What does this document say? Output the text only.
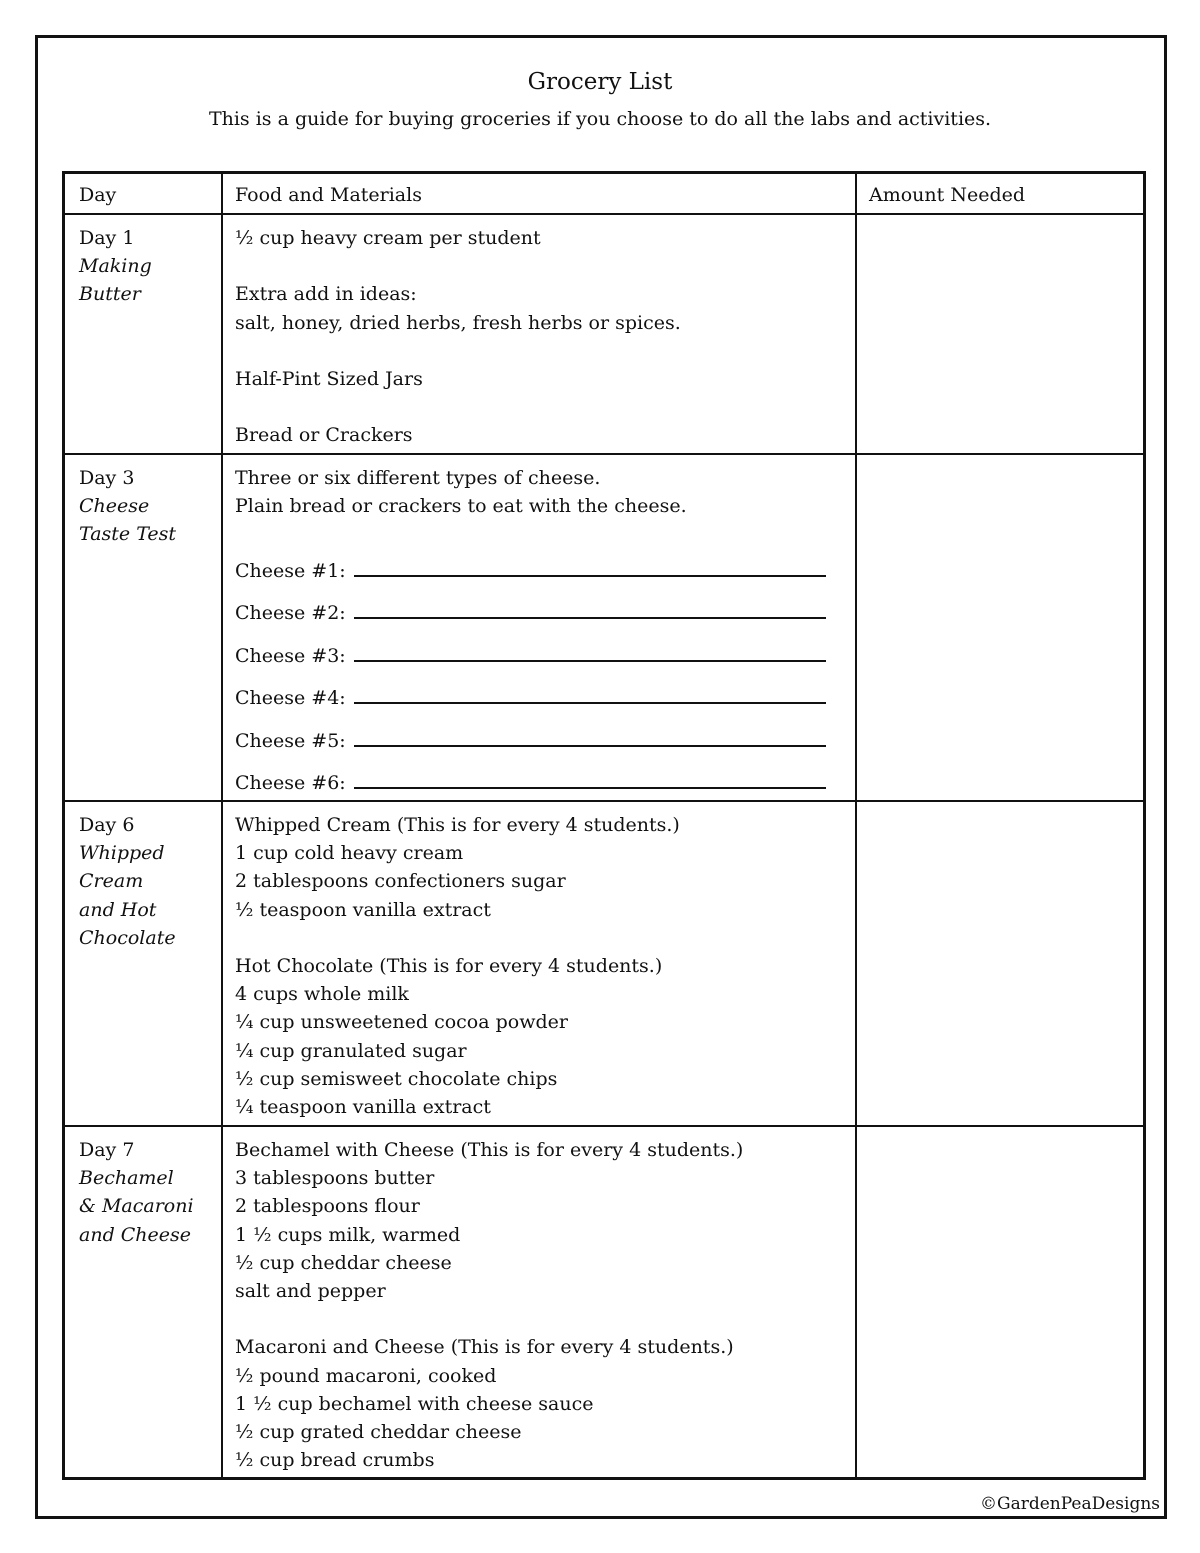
Grocery List
This is a guide for buying groceries if you choose to do all the labs and activities.
Day	Food and Materials	Amount Needed
Day 1
Making
Butter
½ cup heavy cream per student
Extra add in ideas:
salt, honey, dried herbs, fresh herbs or spices.
Half-Pint Sized Jars
Bread or Crackers
Day 3
Cheese
Taste Test
Three or six different types of cheese.
Plain bread or crackers to eat with the cheese.
Cheese #1:
Cheese #2:
Cheese #3:
Cheese #4:
Cheese #5:
Cheese #6:
Day 6
Whipped
Cream
and Hot
Chocolate
Whipped Cream (This is for every 4 students.)
1 cup cold heavy cream
2 tablespoons confectioners sugar
½ teaspoon vanilla extract
Hot Chocolate (This is for every 4 students.)
4 cups whole milk
¼ cup unsweetened cocoa powder
¼ cup granulated sugar
½ cup semisweet chocolate chips
¼ teaspoon vanilla extract
Day 7
Bechamel
& Macaroni
and Cheese
Bechamel with Cheese (This is for every 4 students.)
3 tablespoons butter
2 tablespoons flour
1 ½ cups milk, warmed
½ cup cheddar cheese
salt and pepper
Macaroni and Cheese (This is for every 4 students.)
½ pound macaroni, cooked
1 ½ cup bechamel with cheese sauce
½ cup grated cheddar cheese
½ cup bread crumbs
©GardenPeaDesigns
